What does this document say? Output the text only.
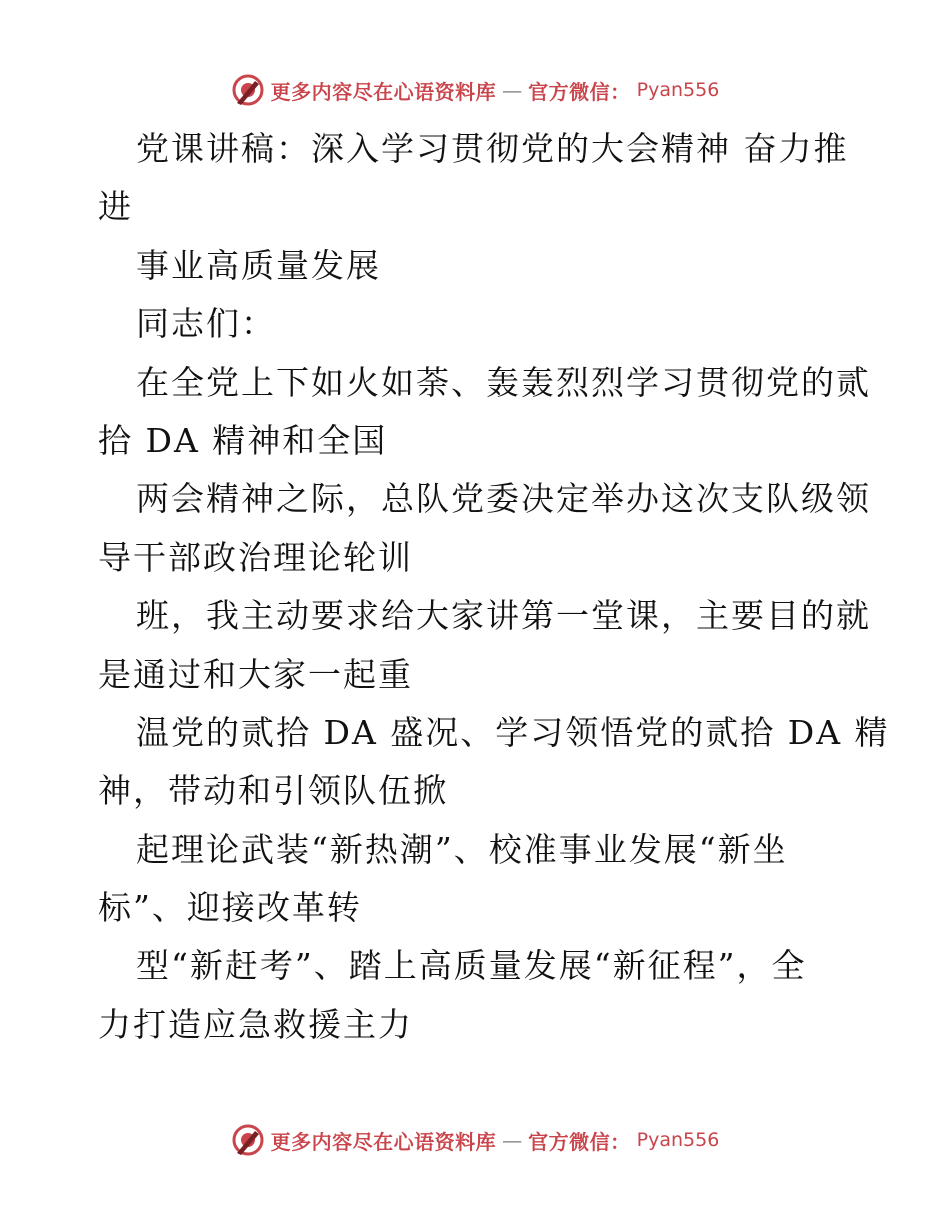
更多内容尽在心语资料库 — 官方微信： Pyan556
党课讲稿：深入学习贯彻党的大会精神 奋力推
进
事业高质量发展
同志们：
在全党上下如火如荼、轰轰烈烈学习贯彻党的贰
拾 DA 精神和全国
两会精神之际，总队党委决定举办这次支队级领
导干部政治理论轮训
班，我主动要求给大家讲第一堂课，主要目的就
是通过和大家一起重
温党的贰拾 DA 盛况、学习领悟党的贰拾 DA 精
神，带动和引领队伍掀
起理论武装“新热潮”、校准事业发展“新坐
标”、迎接改革转
型“新赶考”、踏上高质量发展“新征程”，全
力打造应急救援主力
更多内容尽在心语资料库 — 官方微信： Pyan556
